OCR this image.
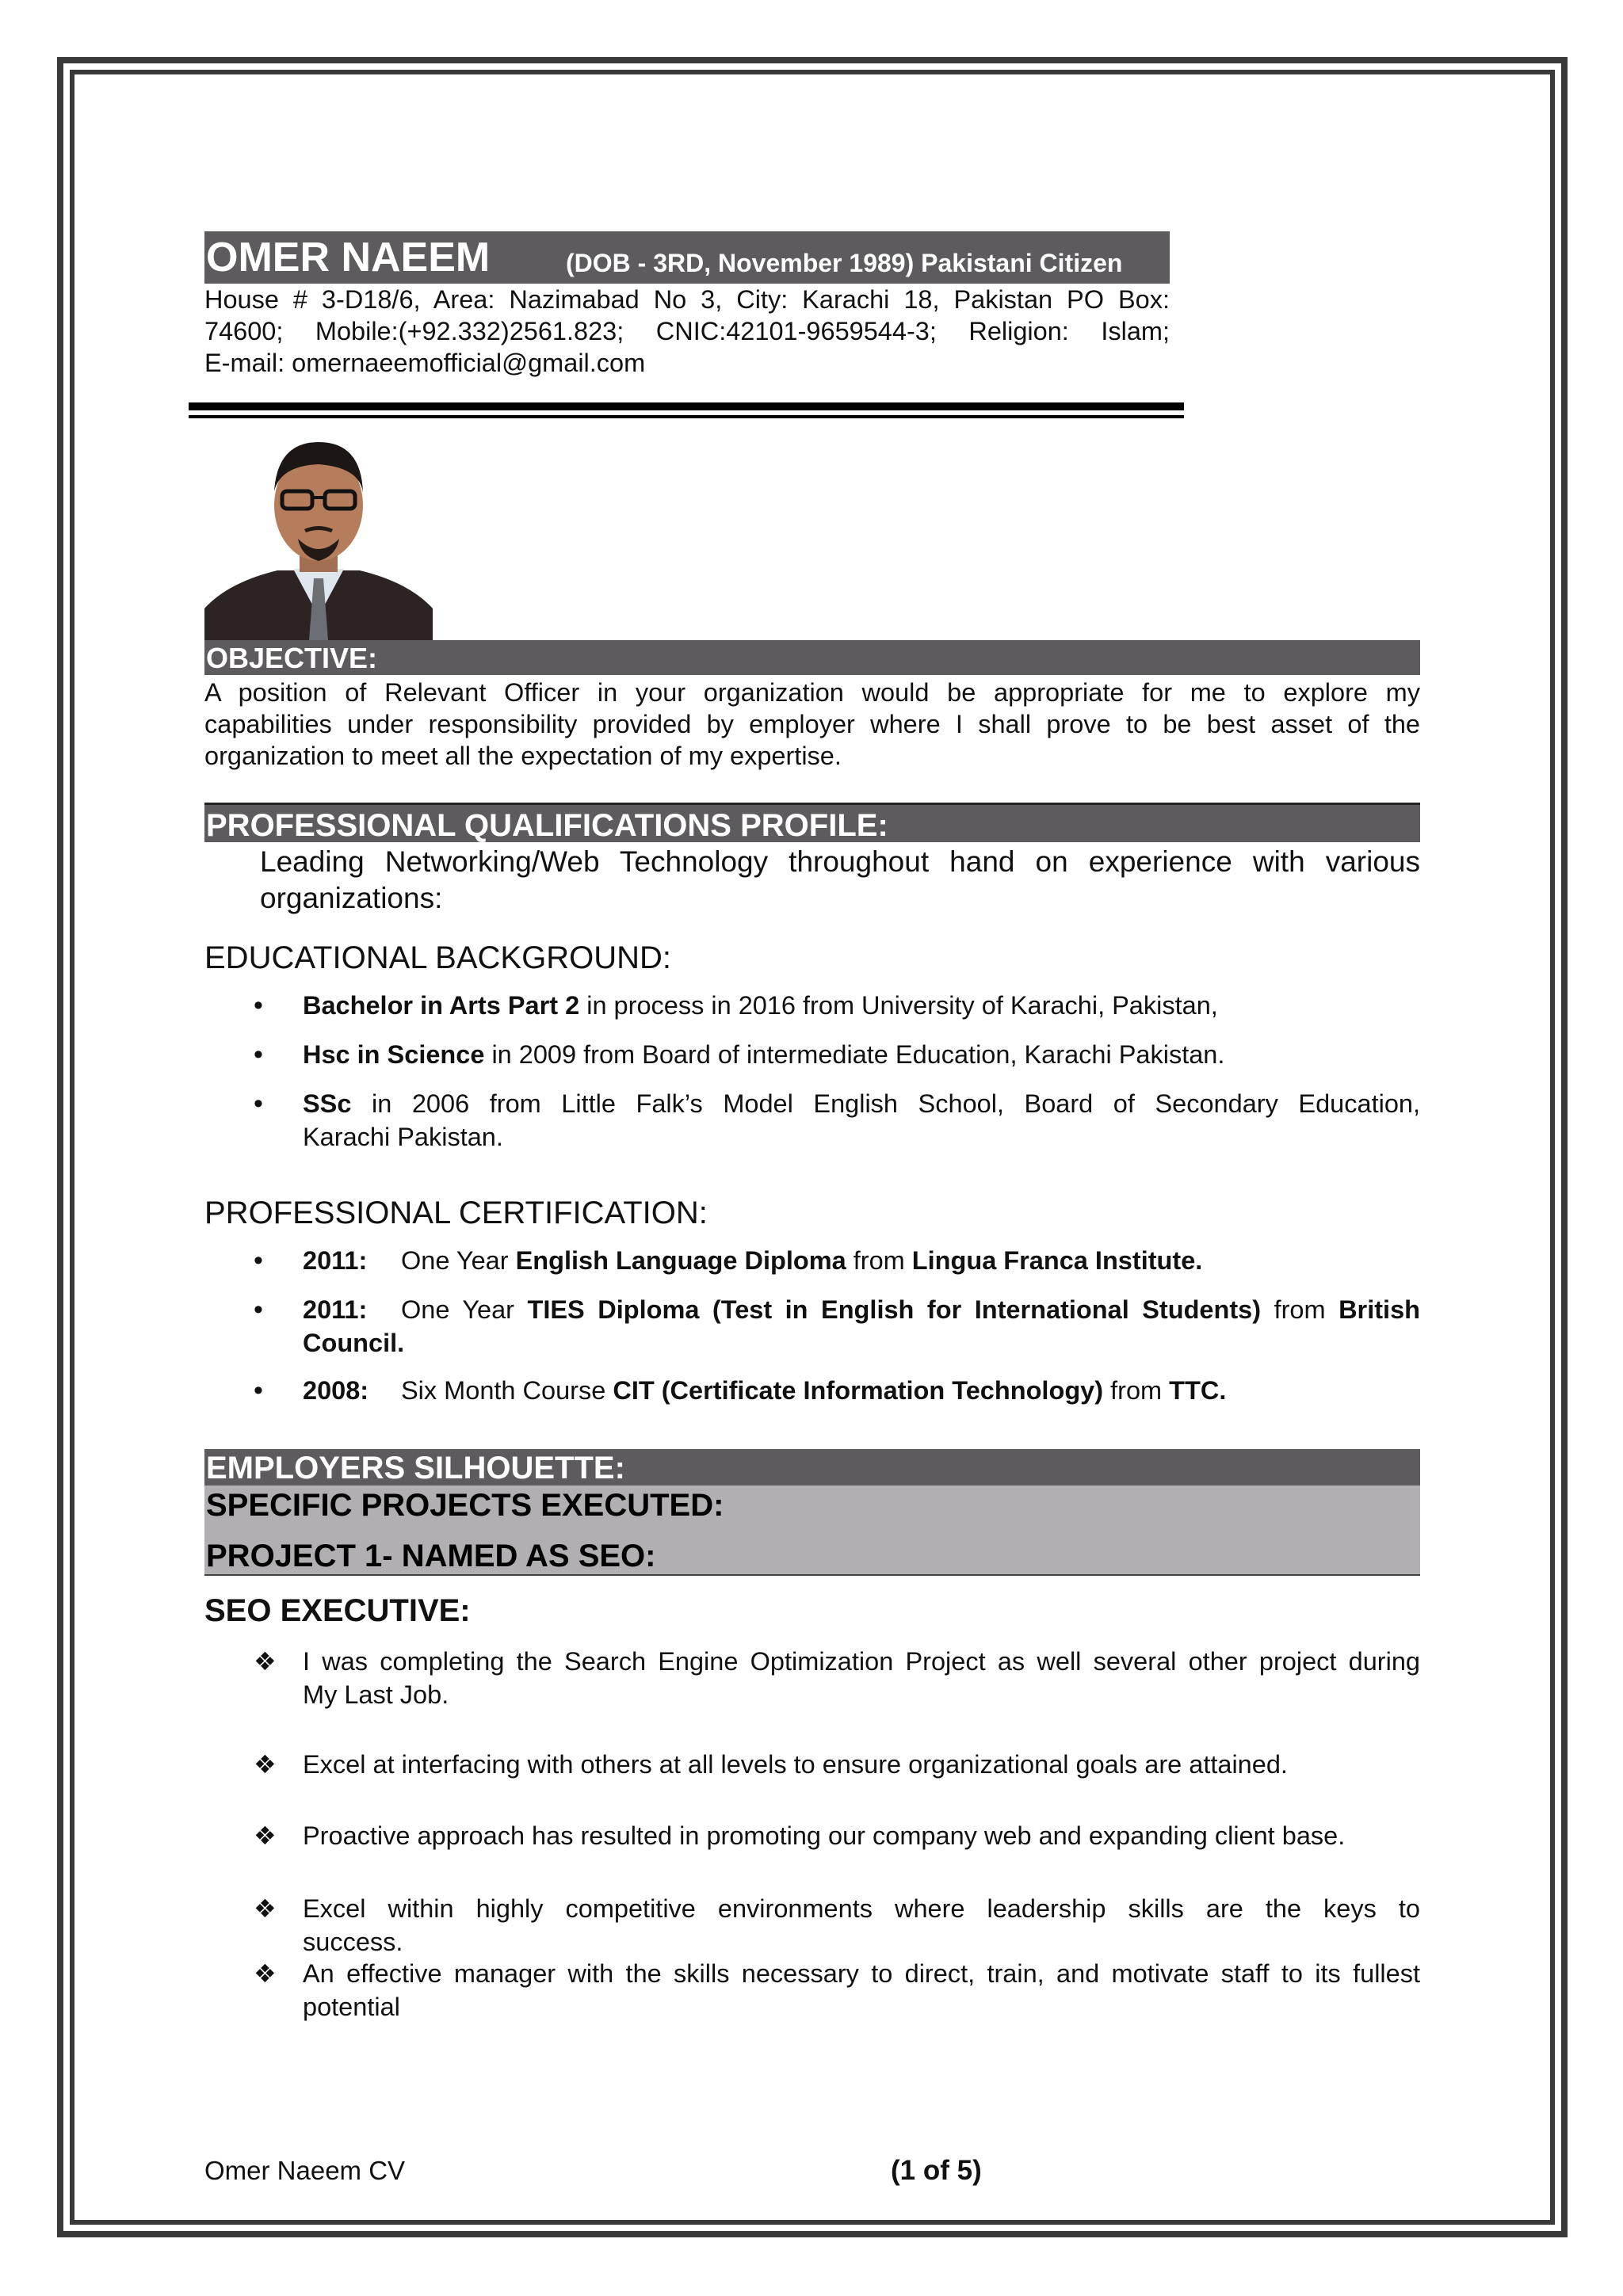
OMER NAEEM	(DOB - 3RD, November 1989) Pakistani Citizen
House # 3-D18/6, Area: Nazimabad No 3, City: Karachi 18, Pakistan PO Box:
74600; Mobile:(+92.332)2561.823; CNIC:42101-9659544-3; Religion: Islam;
E-mail: omernaeemofficial@gmail.com
OBJECTIVE:
A position of Relevant Officer in your organization would be appropriate for me to explore my
capabilities under responsibility provided by employer where I shall prove to be best asset of the
organization to meet all the expectation of my expertise.
PROFESSIONAL QUALIFICATIONS PROFILE:
Leading Networking/Web Technology throughout hand on experience with various
organizations:
EDUCATIONAL BACKGROUND:
• Bachelor in Arts Part 2 in process in 2016 from University of Karachi, Pakistan,
• Hsc in Science in 2009 from Board of intermediate Education, Karachi Pakistan.
• SSc in 2006 from Little Falk’s Model English School, Board of Secondary Education,
Karachi Pakistan.
PROFESSIONAL CERTIFICATION:
• 2011: One Year English Language Diploma from Lingua Franca Institute.
• 2011: One Year TIES Diploma (Test in English for International Students) from British
Council.
• 2008: Six Month Course CIT (Certificate Information Technology) from TTC.
EMPLOYERS SILHOUETTE:
SPECIFIC PROJECTS EXECUTED:
PROJECT 1- NAMED AS SEO:
SEO EXECUTIVE:
❖ I was completing the Search Engine Optimization Project as well several other project during
My Last Job.
❖ Excel at interfacing with others at all levels to ensure organizational goals are attained.
❖ Proactive approach has resulted in promoting our company web and expanding client base.
❖ Excel within highly competitive environments where leadership skills are the keys to
success.
❖ An effective manager with the skills necessary to direct, train, and motivate staff to its fullest
potential
Omer Naeem CV	(1 of 5)
